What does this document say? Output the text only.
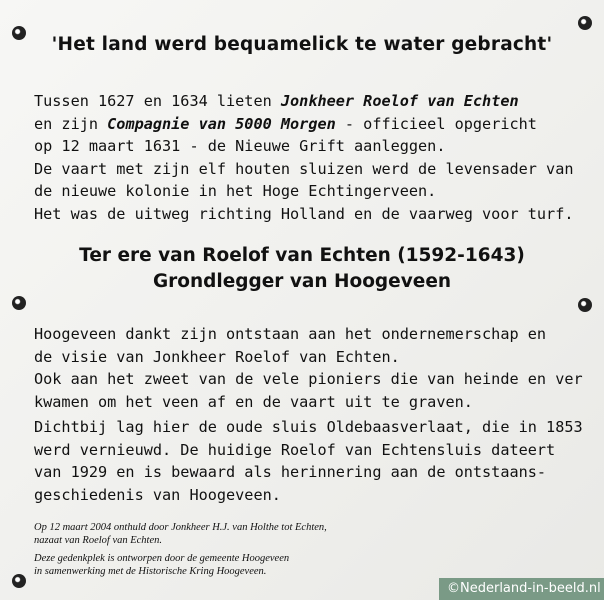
'Het land werd bequamelick te water gebracht'
Tussen 1627 en 1634 lieten Jonkheer Roelof van Echten
en zijn Compagnie van 5000 Morgen - officieel opgericht
op 12 maart 1631 - de Nieuwe Grift aanleggen.
De vaart met zijn elf houten sluizen werd de levensader van
de nieuwe kolonie in het Hoge Echtingerveen.
Het was de uitweg richting Holland en de vaarweg voor turf.
Ter ere van Roelof van Echten (1592-1643)
Grondlegger van Hoogeveen
Hoogeveen dankt zijn ontstaan aan het ondernemerschap en
de visie van Jonkheer Roelof van Echten.
Ook aan het zweet van de vele pioniers die van heinde en ver
kwamen om het veen af en de vaart uit te graven.
Dichtbij lag hier de oude sluis Oldebaasverlaat, die in 1853
werd vernieuwd. De huidige Roelof van Echtensluis dateert
van 1929 en is bewaard als herinnering aan de ontstaans-
geschiedenis van Hoogeveen.
Op 12 maart 2004 onthuld door Jonkheer H.J. van Holthe tot Echten,
nazaat van Roelof van Echten.
Deze gedenkplek is ontworpen door de gemeente Hoogeveen
in samenwerking met de Historische Kring Hoogeveen.
©Nederland-in-beeld.nl
